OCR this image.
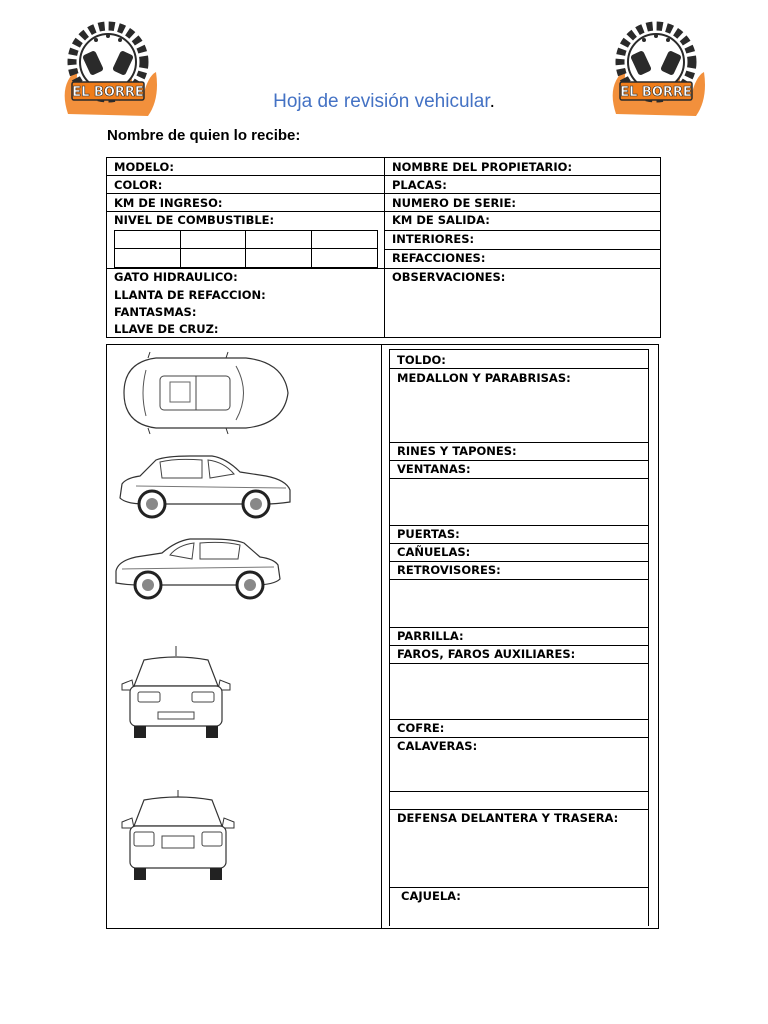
EL BORRE	EL BORRE
Hoja de revisión vehicular.
Nombre de quien lo recibe:
MODELO:
COLOR:
KM DE INGRESO:
NIVEL DE COMBUSTIBLE:
NOMBRE DEL PROPIETARIO:
PLACAS:
NUMERO DE SERIE:
KM DE SALIDA:
INTERIORES:
REFACCIONES:
OBSERVACIONES:
GATO HIDRAULICO:
LLANTA DE REFACCION:
FANTASMAS:
LLAVE DE CRUZ:
TOLDO:
MEDALLON Y PARABRISAS:
RINES Y TAPONES:
VENTANAS:
PUERTAS:
CAÑUELAS:
RETROVISORES:
PARRILLA:
FAROS, FAROS AUXILIARES:
COFRE:
CALAVERAS:
DEFENSA DELANTERA Y TRASERA:
CAJUELA:
